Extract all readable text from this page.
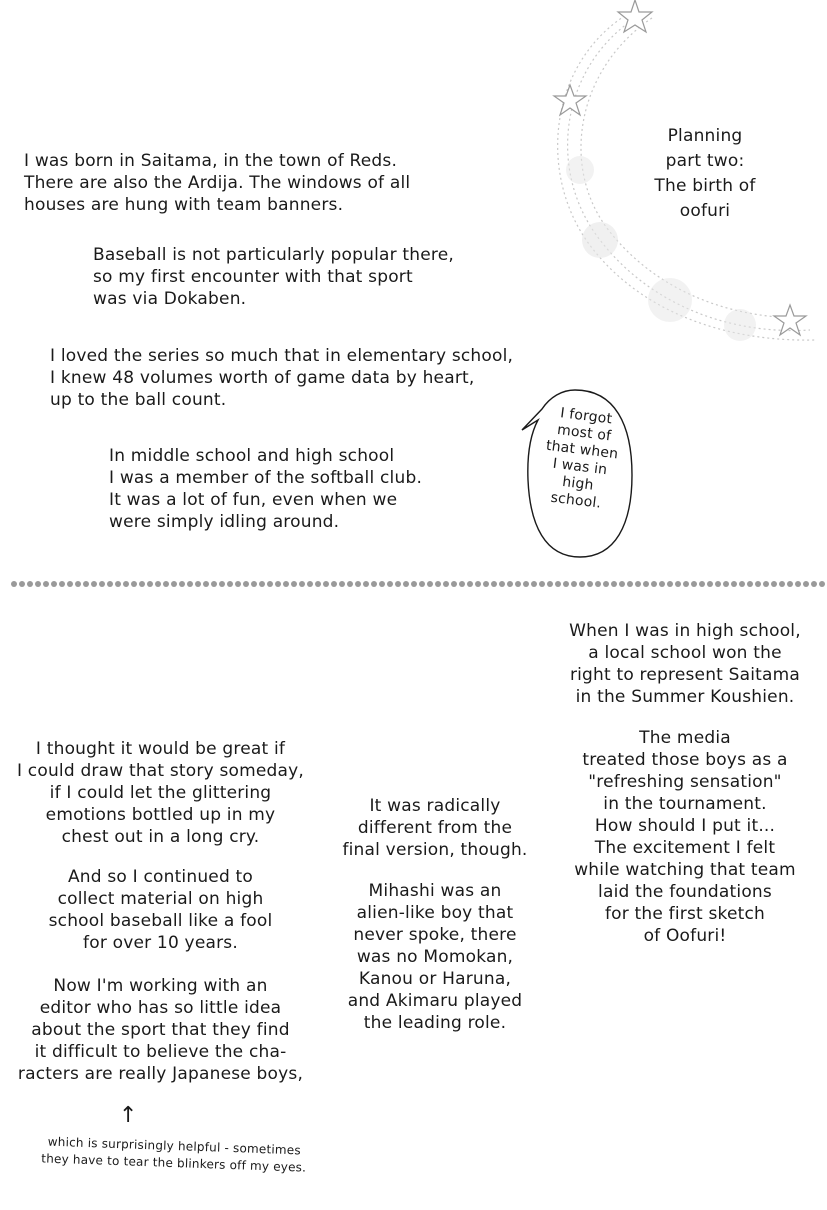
Planning
part two:
The birth of
oofuri
I was born in Saitama, in the town of Reds.
There are also the Ardija. The windows of all
houses are hung with team banners.
Baseball is not particularly popular there,
so my first encounter with that sport
was via Dokaben.
I loved the series so much that in elementary school,
I knew 48 volumes worth of game data by heart,
up to the ball count.
In middle school and high school
I was a member of the softball club.
It was a lot of fun, even when we
were simply idling around.
I forgot
most of
that when
I was in
high
school.
When I was in high school,
a local school won the
right to represent Saitama
in the Summer Koushien.
The media
treated those boys as a
"refreshing sensation"
in the tournament.
How should I put it...
The excitement I felt
while watching that team
laid the foundations
for the first sketch
of Oofuri!
It was radically
different from the
final version, though.
Mihashi was an
alien-like boy that
never spoke, there
was no Momokan,
Kanou or Haruna,
and Akimaru played
the leading role.
I thought it would be great if
I could draw that story someday,
if I could let the glittering
emotions bottled up in my
chest out in a long cry.
And so I continued to
collect material on high
school baseball like a fool
for over 10 years.
Now I'm working with an
editor who has so little idea
about the sport that they find
it difficult to believe the cha-
racters are really Japanese boys,
↑
which is surprisingly helpful - sometimes
they have to tear the blinkers off my eyes.
